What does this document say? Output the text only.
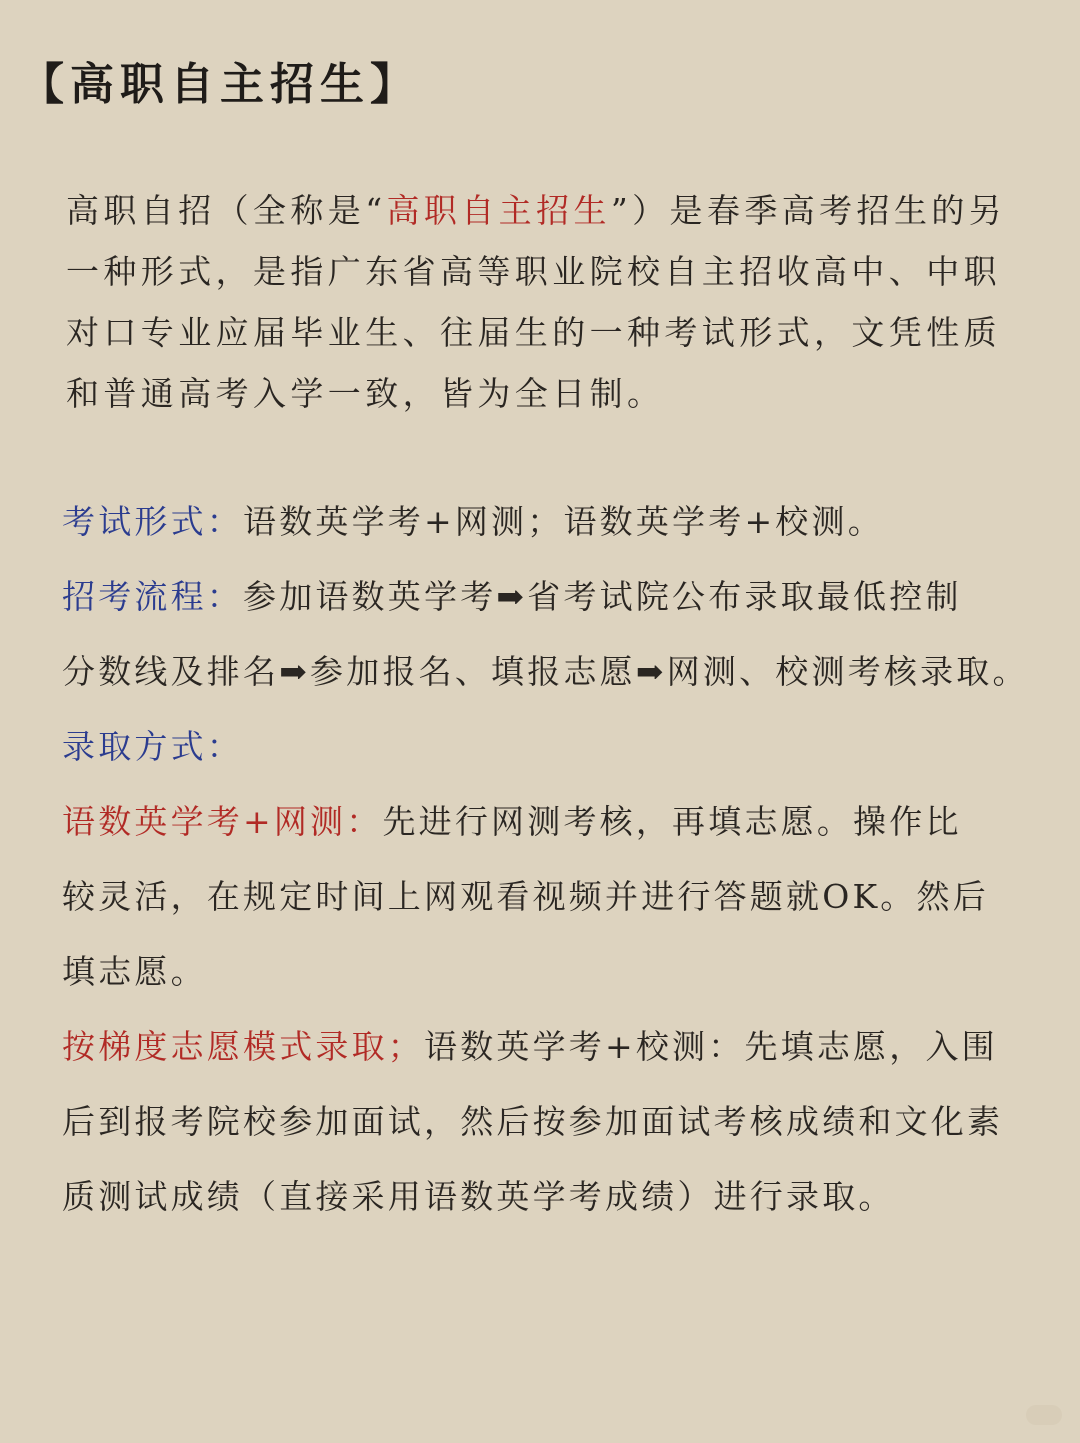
【高职自主招生】
高职自招（全称是“高职自主招生”）是春季高考招生的另一种形式，是指广东省高等职业院校自主招收高中、中职对口专业应届毕业生、往届生的一种考试形式，文凭性质和普通高考入学一致，皆为全日制。
考试形式：语数英学考+网测；语数英学考+校测。
招考流程：参加语数英学考➡省考试院公布录取最低控制
分数线及排名➡参加报名、填报志愿➡网测、校测考核录取。
录取方式：
语数英学考+网测：先进行网测考核，再填志愿。操作比
较灵活，在规定时间上网观看视频并进行答题就OK。然后
填志愿。
按梯度志愿模式录取；语数英学考+校测：先填志愿，入围
后到报考院校参加面试，然后按参加面试考核成绩和文化素
质测试成绩（直接采用语数英学考成绩）进行录取。
